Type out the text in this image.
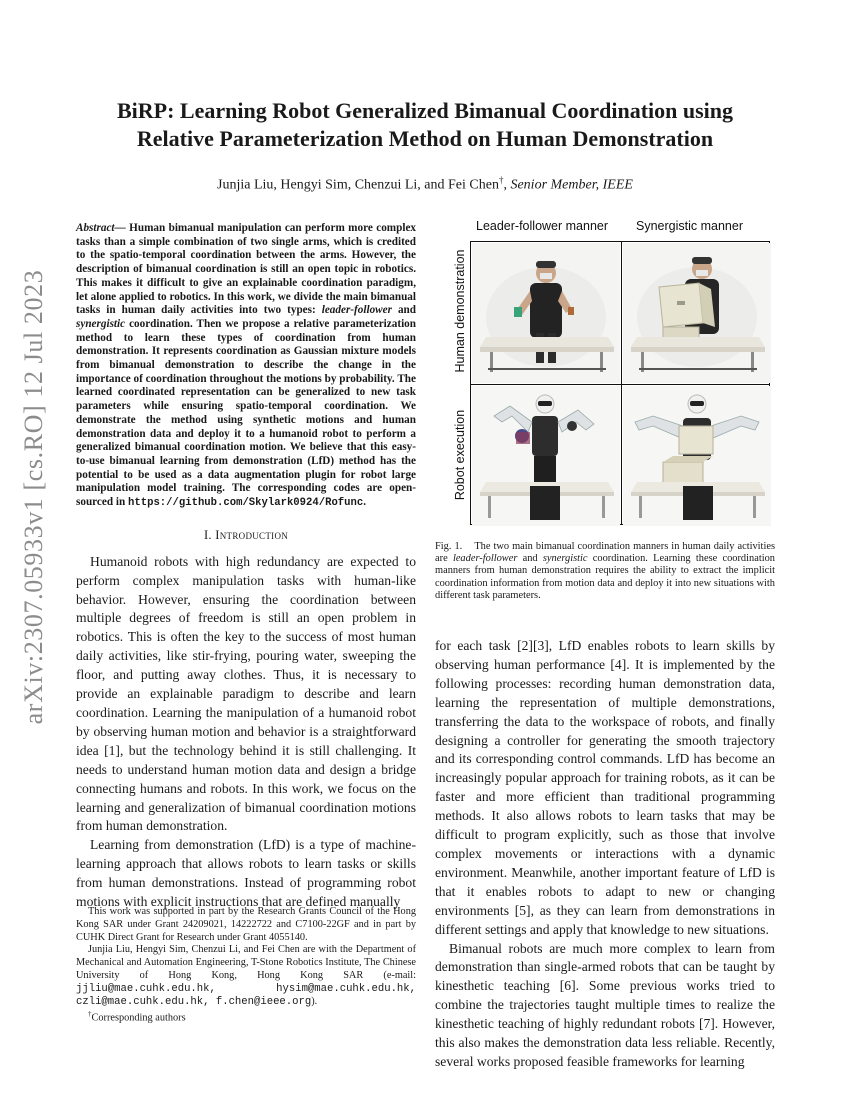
arXiv:2307.05933v1 [cs.RO] 12 Jul 2023
BiRP: Learning Robot Generalized Bimanual Coordination using
Relative Parameterization Method on Human Demonstration
Junjia Liu, Hengyi Sim, Chenzui Li, and Fei Chen†, Senior Member, IEEE
Abstract— Human bimanual manipulation can perform more complex tasks than a simple combination of two single arms, which is credited to the spatio-temporal coordination between the arms. However, the description of bimanual coordination is still an open topic in robotics. This makes it difficult to give an explainable coordination paradigm, let alone applied to robotics. In this work, we divide the main bimanual tasks in human daily activities into two types: leader-follower and synergistic coordination. Then we propose a relative parameterization method to learn these types of coordination from human demonstration. It represents coordination as Gaussian mixture models from bimanual demonstration to describe the change in the importance of coordination throughout the motions by probability. The learned coordinated representation can be generalized to new task parameters while ensuring spatio-temporal coordination. We demonstrate the method using synthetic motions and human demonstration data and deploy it to a humanoid robot to perform a generalized bimanual coordination motion. We believe that this easy-to-use bimanual learning from demonstration (LfD) method has the potential to be used as a data augmentation plugin for robot large manipulation model training. The corresponding codes are open-sourced in https://github.com/Skylark0924/Rofunc.
I. Introduction

Humanoid robots with high redundancy are expected to perform complex manipulation tasks with human-like behavior. However, ensuring the coordination between multiple degrees of freedom is still an open problem in robotics. This is often the key to the success of most human daily activities, like stir-frying, pouring water, sweeping the floor, and putting away clothes. Thus, it is necessary to provide an explainable paradigm to describe and learn coordination. Learning the manipulation of a humanoid robot by observing human motion and behavior is a straightforward idea [1], but the technology behind it is still challenging. It needs to understand human motion data and design a bridge connecting humans and robots. In this work, we focus on the learning and generalization of bimanual coordination motions from human demonstration.

Learning from demonstration (LfD) is a type of machine-learning approach that allows robots to learn tasks or skills from human demonstrations. Instead of programming robot motions with explicit instructions that are defined manually

This work was supported in part by the Research Grants Council of the Hong Kong SAR under Grant 24209021, 14222722 and C7100-22GF and in part by CUHK Direct Grant for Research under Grant 4055140.

Junjia Liu, Hengyi Sim, Chenzui Li, and Fei Chen are with the Department of Mechanical and Automation Engineering, T-Stone Robotics Institute, The Chinese University of Hong Kong, Hong Kong SAR (e-mail: jjliu@mae.cuhk.edu.hk, hysim@mae.cuhk.edu.hk, czli@mae.cuhk.edu.hk, f.chen@ieee.org).

†Corresponding authors

Leader-follower manner Synergistic manner
Human demonstration
Robot execution
Fig. 1. The two main bimanual coordination manners in human daily activities are leader-follower and synergistic coordination. Learning these coordination manners from human demonstration requires the ability to extract the implicit coordination information from motion data and deploy it into new situations with different task parameters.

for each task [2][3], LfD enables robots to learn skills by observing human performance [4]. It is implemented by the following processes: recording human demonstration data, learning the representation of multiple demonstrations, transferring the data to the workspace of robots, and finally designing a controller for generating the smooth trajectory and its corresponding control commands. LfD has become an increasingly popular approach for training robots, as it can be faster and more efficient than traditional programming methods. It also allows robots to learn tasks that may be difficult to program explicitly, such as those that involve complex movements or interactions with a dynamic environment. Meanwhile, another important feature of LfD is that it enables robots to adapt to new or changing environments [5], as they can learn from demonstrations in different settings and apply that knowledge to new situations.

Bimanual robots are much more complex to learn from demonstration than single-armed robots that can be taught by kinesthetic teaching [6]. Some previous works tried to combine the trajectories taught multiple times to realize the kinesthetic teaching of highly redundant robots [7]. However, this also makes the demonstration data less reliable. Recently, several works proposed feasible frameworks for learning
